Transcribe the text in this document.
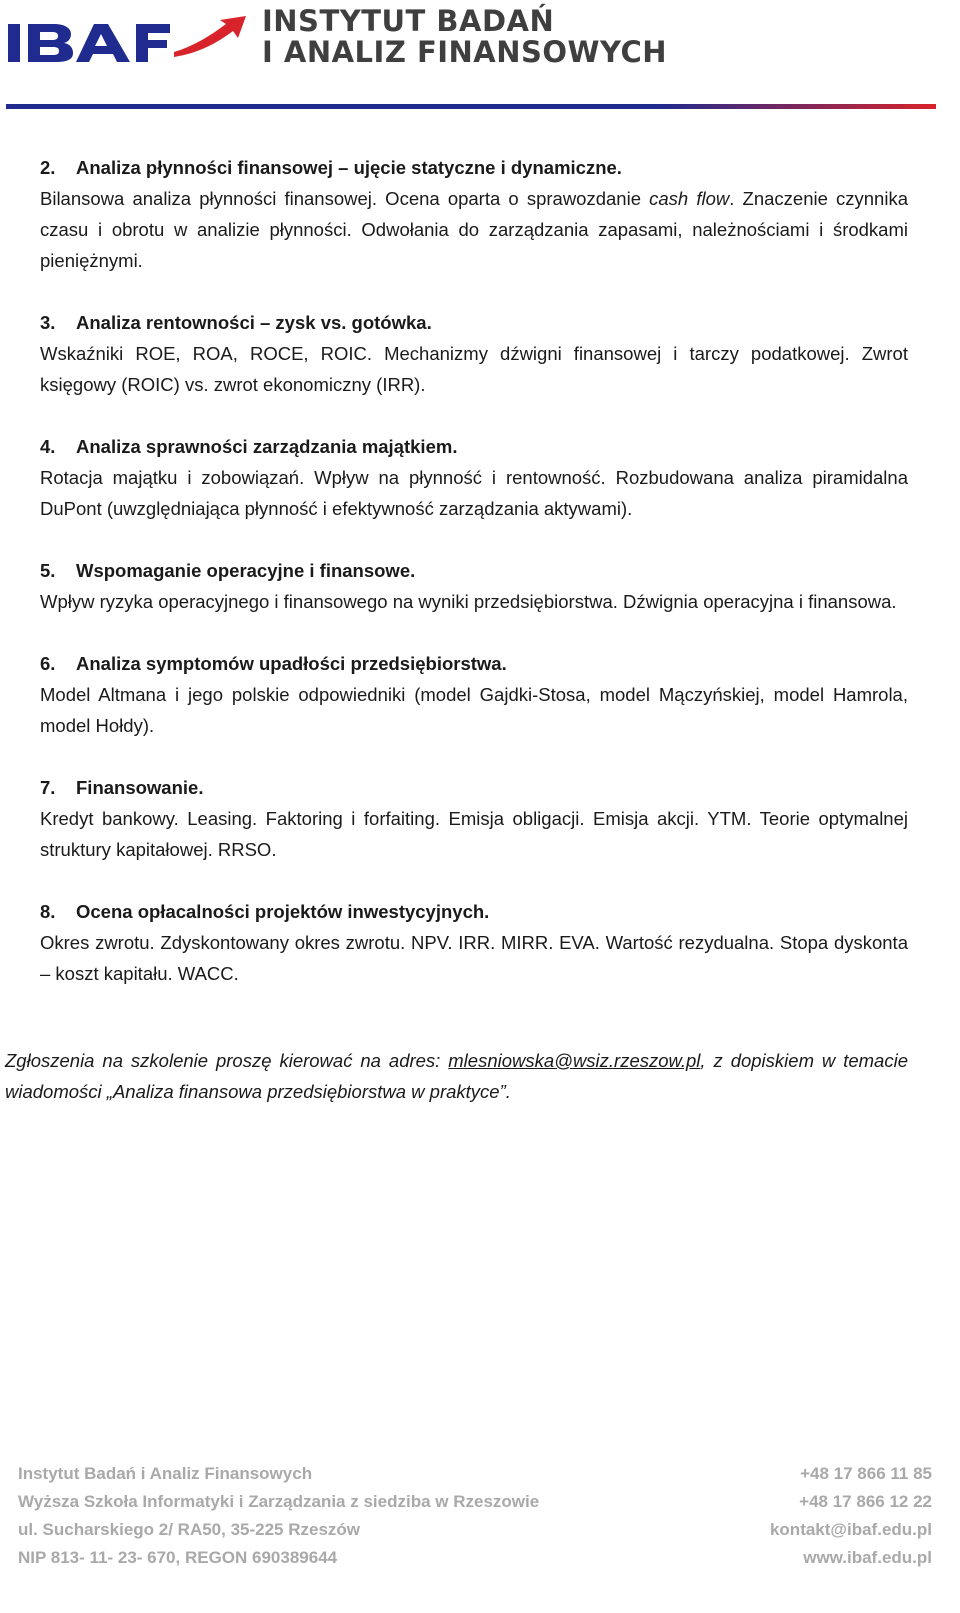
INSTYTUT BADAŃ
I ANALIZ FINANSOWYCH
2.	Analiza płynności finansowej – ujęcie statyczne i dynamiczne.
Bilansowa analiza płynności finansowej. Ocena oparta o sprawozdanie cash flow. Znaczenie czynnika czasu i obrotu w analizie płynności. Odwołania do zarządzania zapasami, należnościami i środkami pieniężnymi.
3.	Analiza rentowności – zysk vs. gotówka.
Wskaźniki ROE, ROA, ROCE, ROIC. Mechanizmy dźwigni finansowej i tarczy podatkowej. Zwrot księgowy (ROIC) vs. zwrot ekonomiczny (IRR).
4.	Analiza sprawności zarządzania majątkiem.
Rotacja majątku i zobowiązań. Wpływ na płynność i rentowność. Rozbudowana analiza piramidalna DuPont (uwzględniająca płynność i efektywność zarządzania aktywami).
5.	Wspomaganie operacyjne i finansowe.
Wpływ ryzyka operacyjnego i finansowego na wyniki przedsiębiorstwa. Dźwignia operacyjna i finansowa.
6.	Analiza symptomów upadłości przedsiębiorstwa.
Model Altmana i jego polskie odpowiedniki (model Gajdki-Stosa, model Mączyńskiej, model Hamrola, model Hołdy).
7.	Finansowanie.
Kredyt bankowy. Leasing. Faktoring i forfaiting. Emisja obligacji. Emisja akcji. YTM. Teorie optymalnej struktury kapitałowej. RRSO.
8.	Ocena opłacalności projektów inwestycyjnych.
Okres zwrotu. Zdyskontowany okres zwrotu. NPV. IRR. MIRR. EVA. Wartość rezydualna. Stopa dyskonta – koszt kapitału. WACC.
Zgłoszenia na szkolenie proszę kierować na adres: mlesniowska@wsiz.rzeszow.pl, z dopiskiem w temacie wiadomości „Analiza finansowa przedsiębiorstwa w praktyce”.
Instytut Badań i Analiz Finansowych	+48 17 866 11 85
Wyższa Szkoła Informatyki i Zarządzania z siedziba w Rzeszowie	+48 17 866 12 22
ul. Sucharskiego 2/ RA50, 35-225 Rzeszów	kontakt@ibaf.edu.pl
NIP 813- 11- 23- 670, REGON 690389644	www.ibaf.edu.pl
